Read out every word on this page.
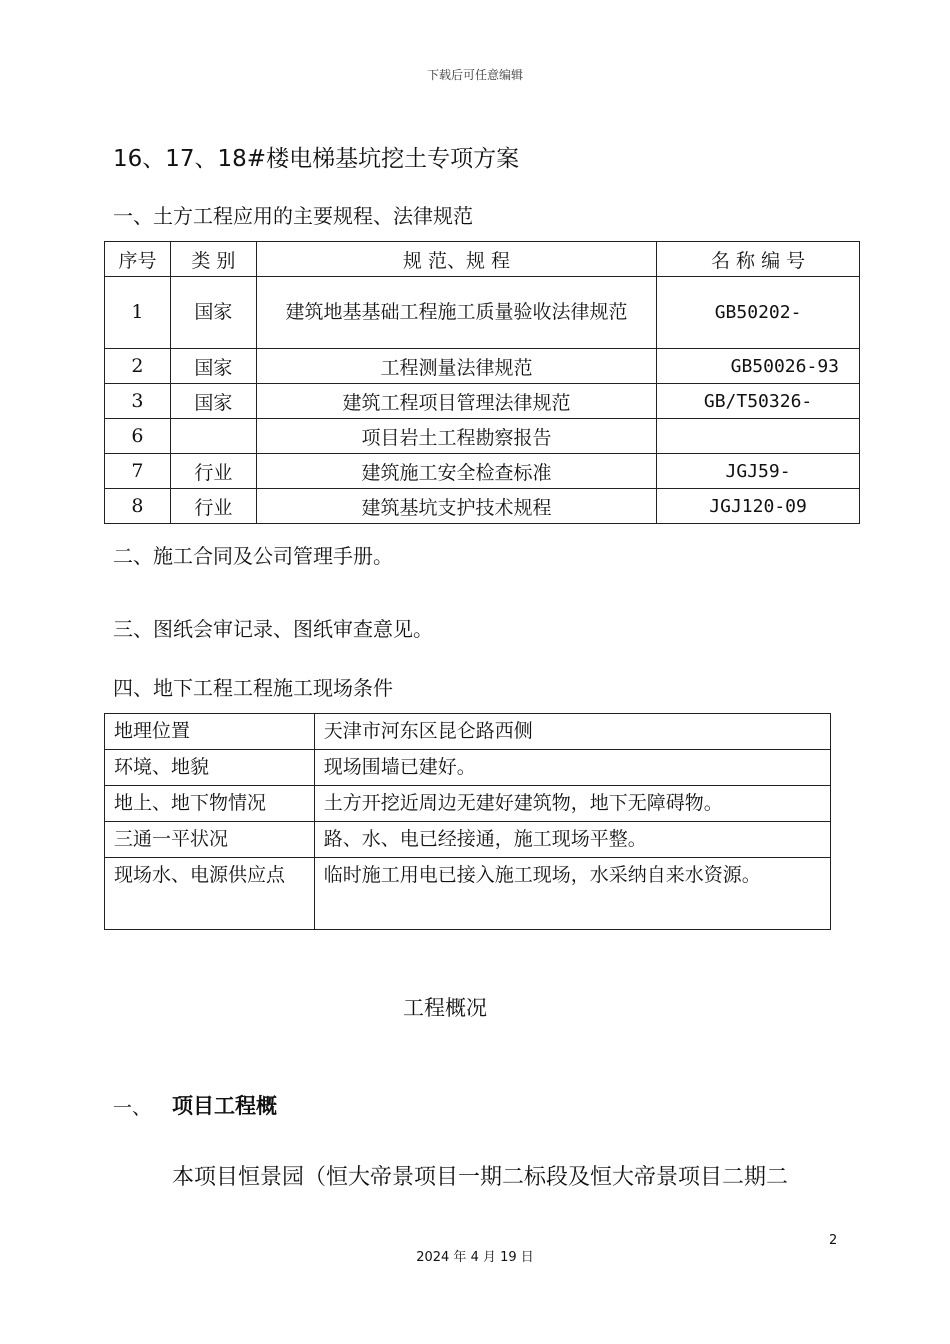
下载后可任意编辑
16、17、18#楼电梯基坑挖土专项方案
一、土方工程应用的主要规程、法律规范
序号	类 别	规 范、规 程	名 称 编 号
1	国家	建筑地基基础工程施工质量验收法律规范	GB50202-
2	国家	工程测量法律规范	GB50026-93
3	国家	建筑工程项目管理法律规范	GB/T50326-
6		项目岩土工程勘察报告	
7	行业	建筑施工安全检查标准	JGJ59-
8	行业	建筑基坑支护技术规程	JGJ120-09
二、施工合同及公司管理手册。
三、图纸会审记录、图纸审查意见。
四、地下工程工程施工现场条件
地理位置	天津市河东区昆仑路西侧
环境、地貌	现场围墙已建好。
地上、地下物情况	土方开挖近周边无建好建筑物，地下无障碍物。
三通一平状况	路、水、电已经接通，施工现场平整。
现场水、电源供应点	临时施工用电已接入施工现场，水采纳自来水资源。
工程概况
一、 项目工程概
本项目恒景园（恒大帝景项目一期二标段及恒大帝景项目二期二
2
2024 年 4 月 19 日
